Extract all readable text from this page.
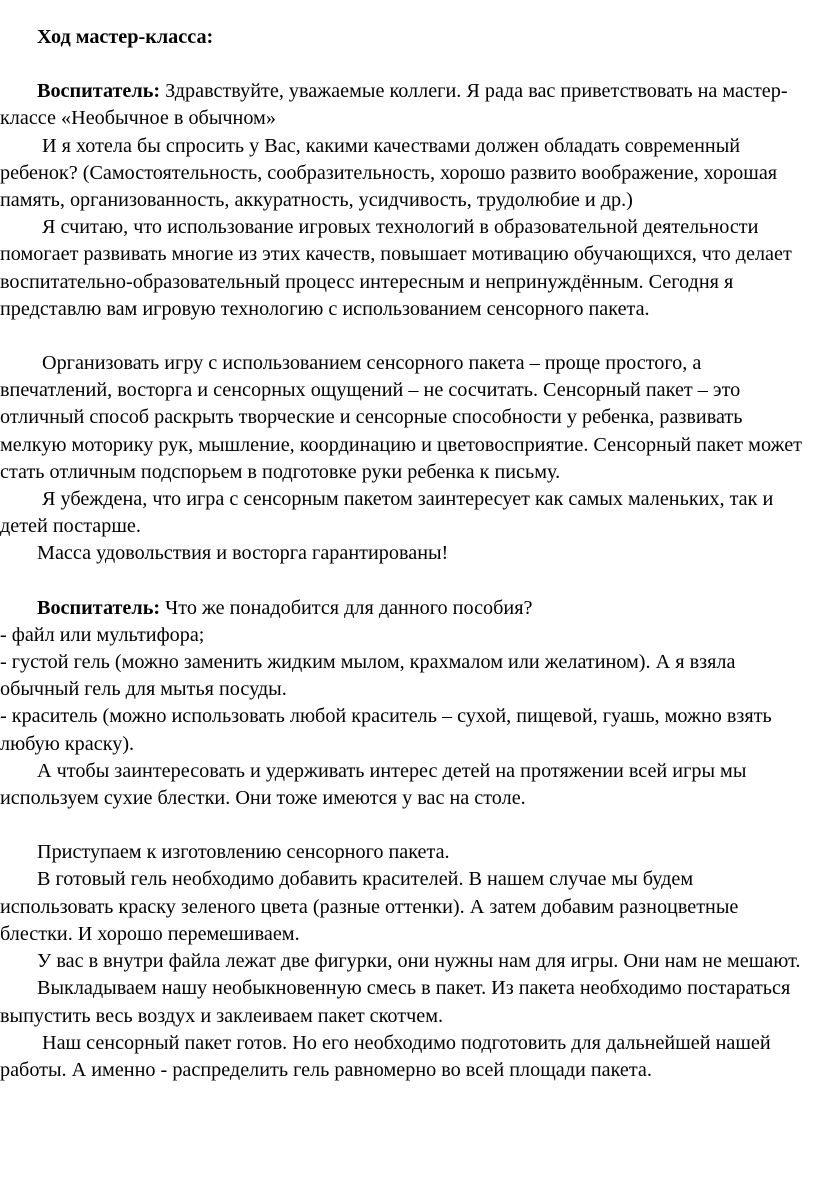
Ход мастер-класса:

Воспитатель: Здравствуйте, уважаемые коллеги. Я рада вас приветствовать на мастер-классе «Необычное в обычном»

И я хотела бы спросить у Вас, какими качествами должен обладать современный ребенок? (Самостоятельность, сообразительность, хорошо развито воображение, хорошая память, организованность, аккуратность, усидчивость, трудолюбие и др.)

Я считаю, что использование игровых технологий в образовательной деятельности помогает развивать многие из этих качеств, повышает мотивацию обучающихся, что делает воспитательно-образовательный процесс интересным и непринуждённым. Сегодня я представлю вам игровую технологию с использованием сенсорного пакета.

Организовать игру с использованием сенсорного пакета – проще простого, а впечатлений, восторга и сенсорных ощущений – не сосчитать. Сенсорный пакет – это отличный способ раскрыть творческие и сенсорные способности у ребенка, развивать мелкую моторику рук, мышление, координацию и цветовосприятие. Сенсорный пакет может стать отличным подспорьем в подготовке руки ребенка к письму.

Я убеждена, что игра с сенсорным пакетом заинтересует как самых маленьких, так и детей постарше.

Масса удовольствия и восторга гарантированы!

Воспитатель: Что же понадобится для данного пособия?

- файл или мультифора;

- густой гель (можно заменить жидким мылом, крахмалом или желатином). А я взяла обычный гель для мытья посуды.

- краситель (можно использовать любой краситель – сухой, пищевой, гуашь, можно взять любую краску).

А чтобы заинтересовать и удерживать интерес детей на протяжении всей игры мы используем сухие блестки. Они тоже имеются у вас на столе.

Приступаем к изготовлению сенсорного пакета.

В готовый гель необходимо добавить красителей. В нашем случае мы будем использовать краску зеленого цвета (разные оттенки). А затем добавим разноцветные блестки. И хорошо перемешиваем.

У вас в внутри файла лежат две фигурки, они нужны нам для игры. Они нам не мешают.

Выкладываем нашу необыкновенную смесь в пакет. Из пакета необходимо постараться выпустить весь воздух и заклеиваем пакет скотчем.

Наш сенсорный пакет готов. Но его необходимо подготовить для дальнейшей нашей работы. А именно - распределить гель равномерно во всей площади пакета.
